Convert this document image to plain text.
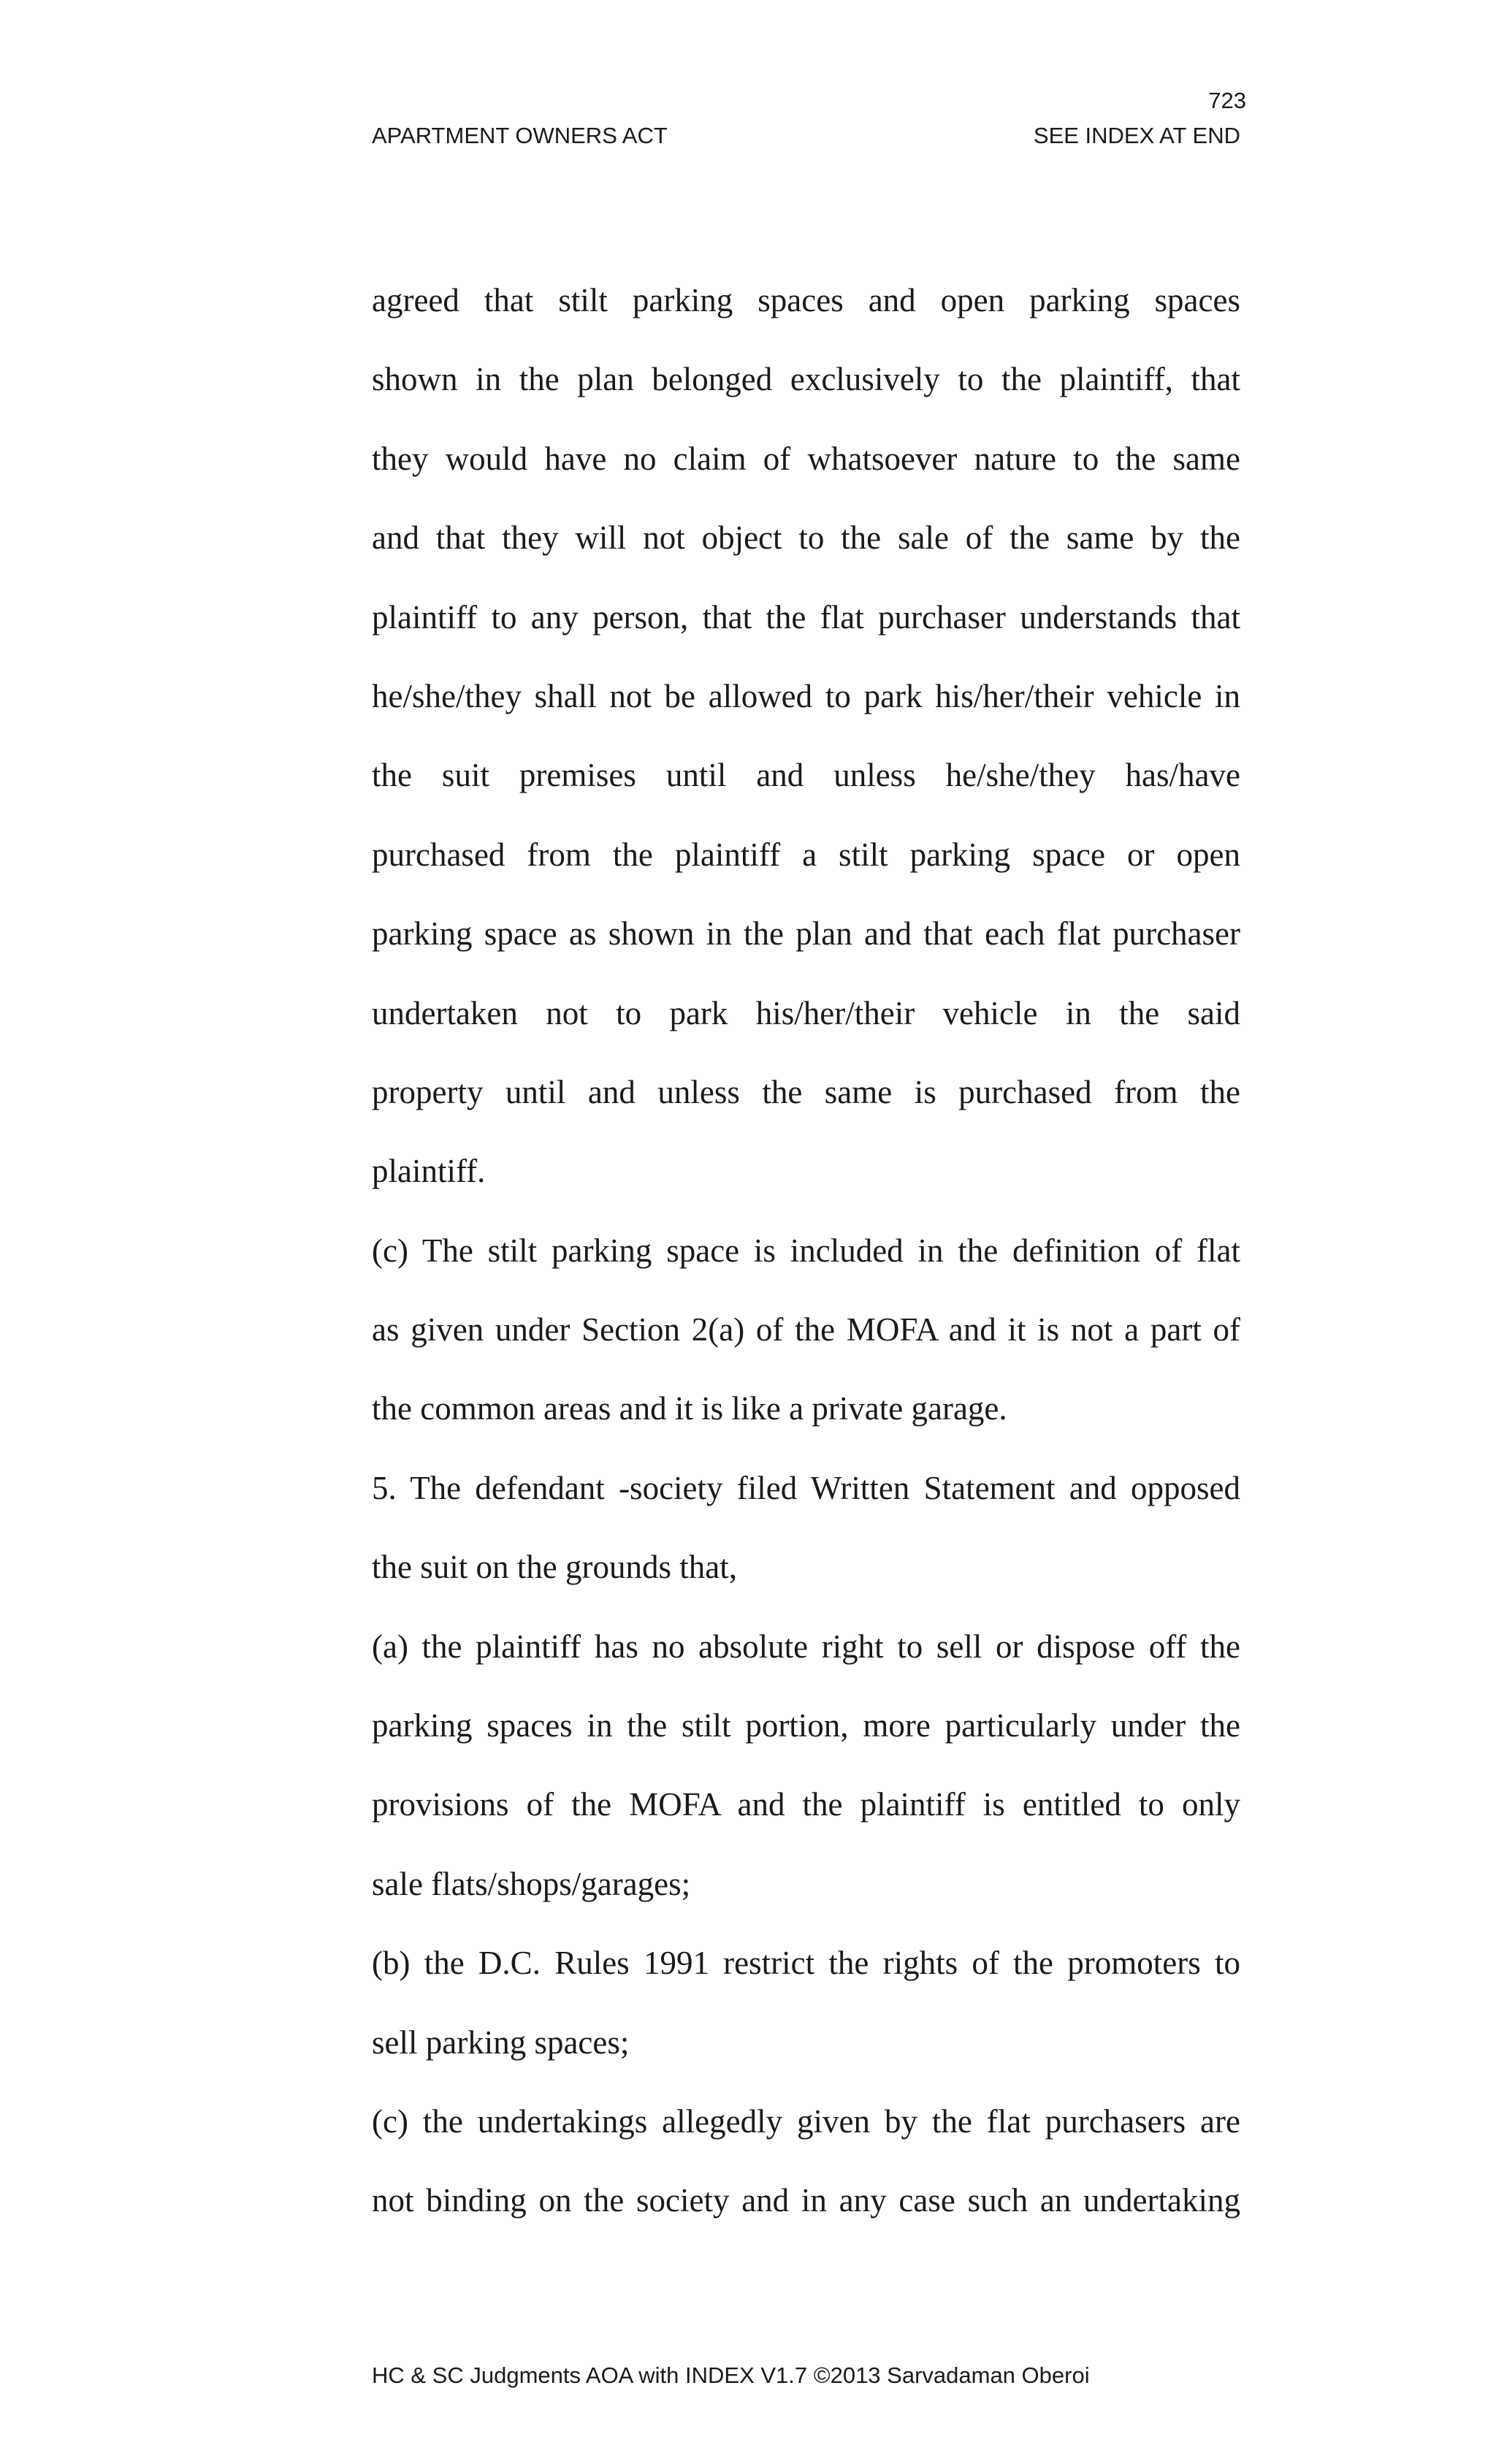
723
APARTMENT OWNERS ACT	SEE INDEX AT END
agreed that stilt parking spaces and open parking spaces
shown in the plan belonged exclusively to the plaintiff, that
they would have no claim of whatsoever nature to the same
and that they will not object to the sale of the same by the
plaintiff to any person, that the flat purchaser understands that
he/she/they shall not be allowed to park his/her/their vehicle in
the suit premises until and unless he/she/they has/have
purchased from the plaintiff a stilt parking space or open
parking space as shown in the plan and that each flat purchaser
undertaken not to park his/her/their vehicle in the said
property until and unless the same is purchased from the
plaintiff.
(c) The stilt parking space is included in the definition of flat
as given under Section 2(a) of the MOFA and it is not a part of
the common areas and it is like a private garage.
5. The defendant -society filed Written Statement and opposed
the suit on the grounds that,
(a) the plaintiff has no absolute right to sell or dispose off the
parking spaces in the stilt portion, more particularly under the
provisions of the MOFA and the plaintiff is entitled to only
sale flats/shops/garages;
(b) the D.C. Rules 1991 restrict the rights of the promoters to
sell parking spaces;
(c) the undertakings allegedly given by the flat purchasers are
not binding on the society and in any case such an undertaking
HC & SC Judgments AOA with INDEX V1.7 ©2013 Sarvadaman Oberoi
